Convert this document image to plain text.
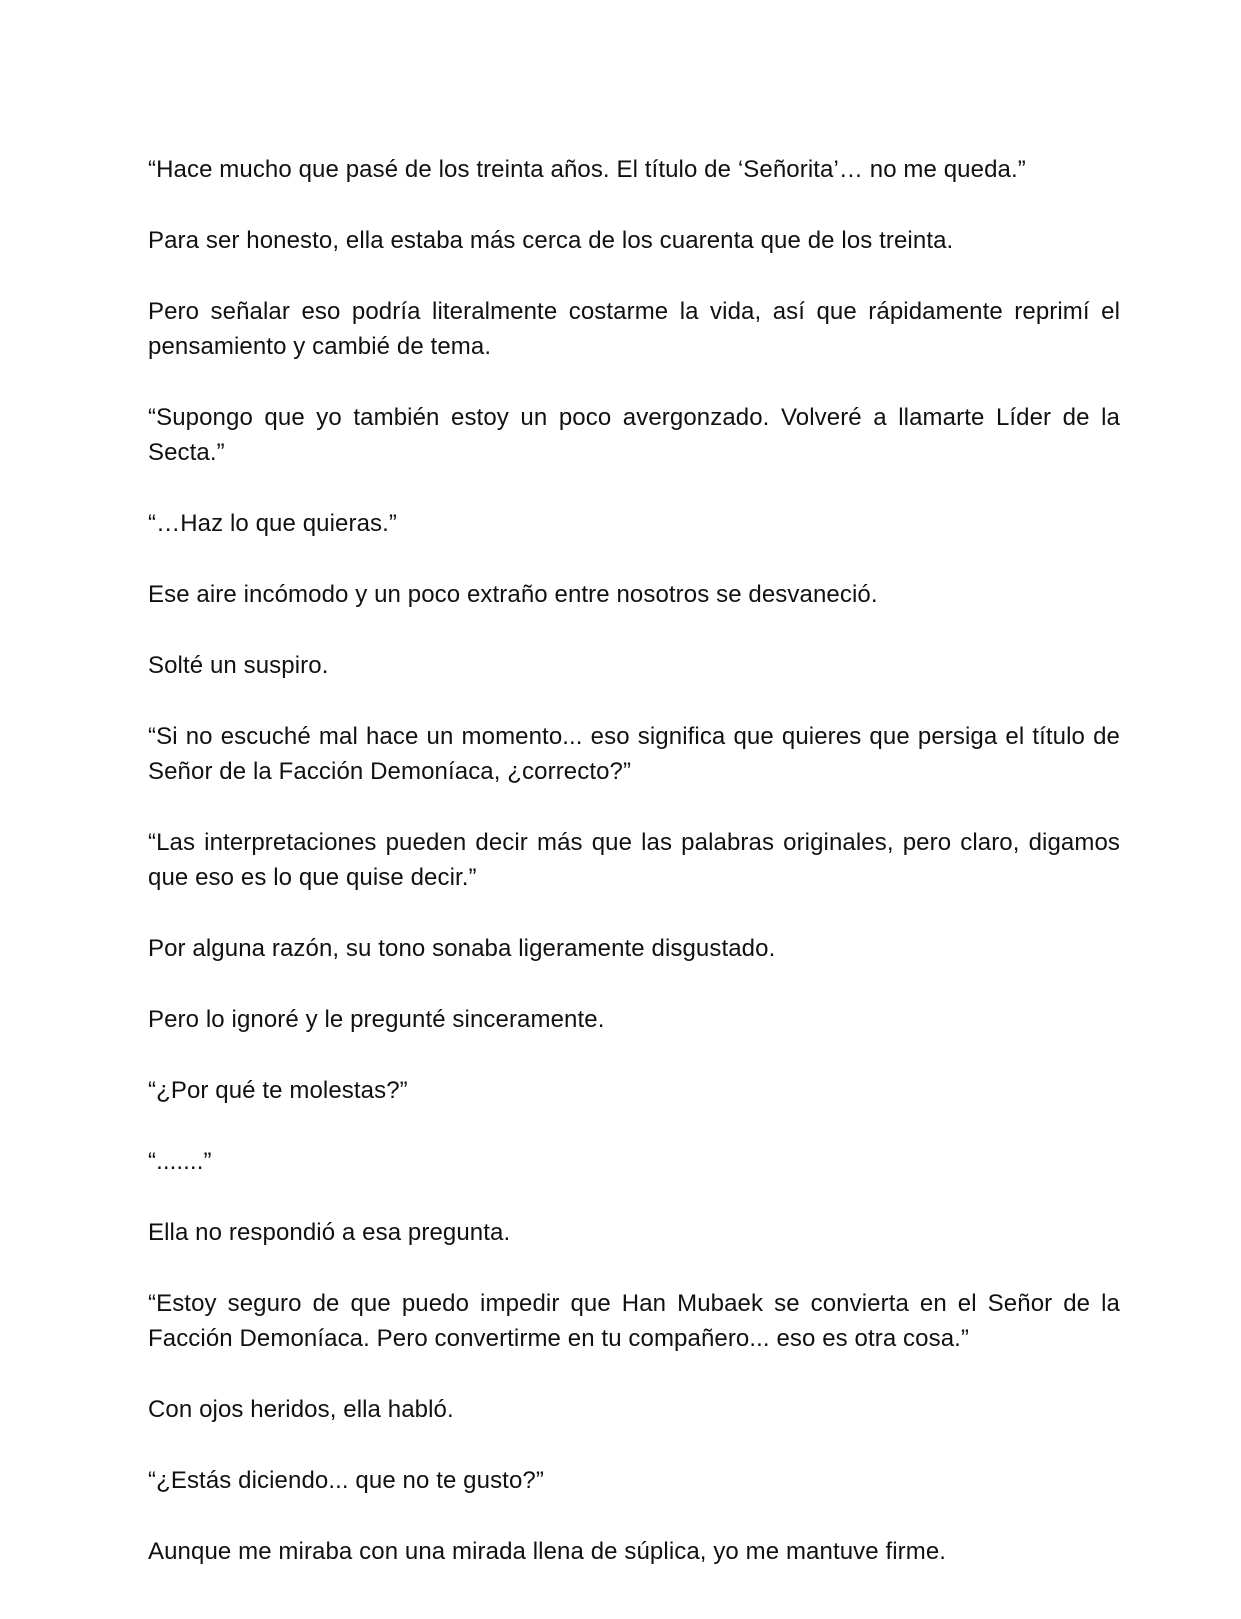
“Hace mucho que pasé de los treinta años. El título de ‘Señorita’… no me queda.”

Para ser honesto, ella estaba más cerca de los cuarenta que de los treinta.

Pero señalar eso podría literalmente costarme la vida, así que rápidamente reprimí el pensamiento y cambié de tema.

“Supongo que yo también estoy un poco avergonzado. Volveré a llamarte Líder de la Secta.”

“…Haz lo que quieras.”

Ese aire incómodo y un poco extraño entre nosotros se desvaneció.

Solté un suspiro.

“Si no escuché mal hace un momento... eso significa que quieres que persiga el título de Señor de la Facción Demoníaca, ¿correcto?”

“Las interpretaciones pueden decir más que las palabras originales, pero claro, digamos que eso es lo que quise decir.”

Por alguna razón, su tono sonaba ligeramente disgustado.

Pero lo ignoré y le pregunté sinceramente.

“¿Por qué te molestas?”

“.......”

Ella no respondió a esa pregunta.

“Estoy seguro de que puedo impedir que Han Mubaek se convierta en el Señor de la Facción Demoníaca. Pero convertirme en tu compañero... eso es otra cosa.”

Con ojos heridos, ella habló.

“¿Estás diciendo... que no te gusto?”

Aunque me miraba con una mirada llena de súplica, yo me mantuve firme.
